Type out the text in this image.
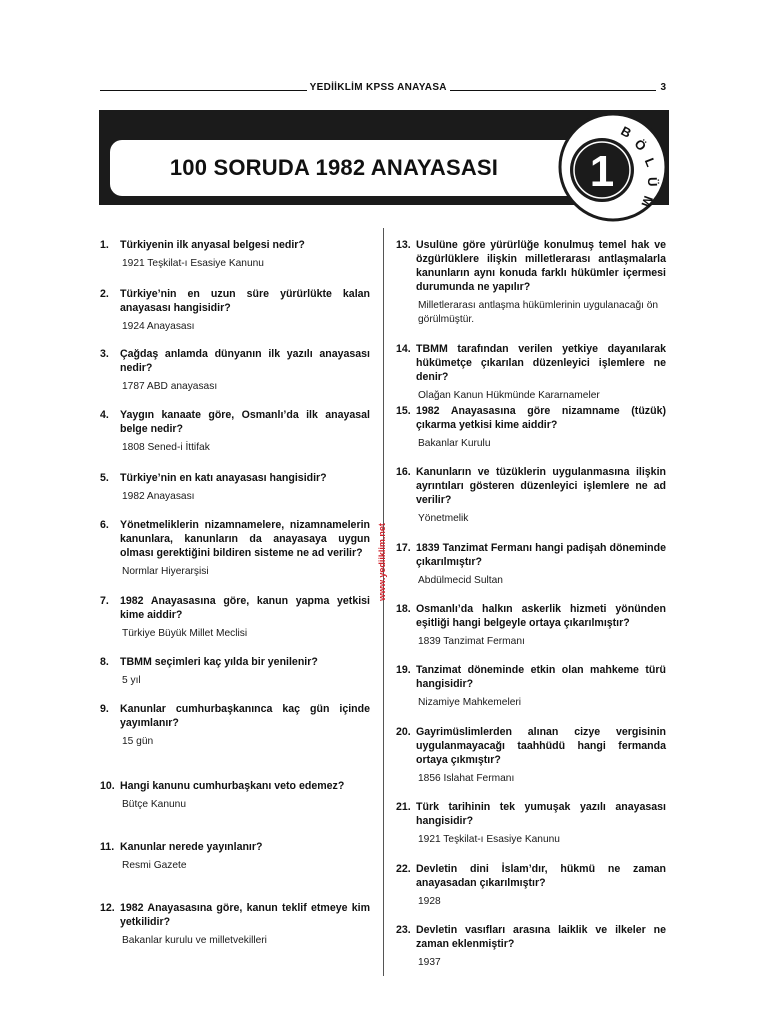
YEDİİKLİM KPSS ANAYASA	3
100 SORUDA 1982 ANAYASASI 1
B
Ö
L
Ü
M
www.yediiklim.net
1.	Türkiyenin ilk anyasal belgesi nedir?
1921 Teşkilat-ı Esasiye Kanunu
2.	Türkiye’nin en uzun süre yürürlükte kalan anayasası hangisidir?
1924 Anayasası
3.	Çağdaş anlamda dünyanın ilk yazılı anayasası nedir?
1787 ABD anayasası
4.	Yaygın kanaate göre, Osmanlı’da ilk anayasal belge nedir?
1808 Sened-i İttifak
5.	Türkiye’nin en katı anayasası hangisidir?
1982 Anayasası
6.	Yönetmeliklerin nizamnamelere, nizamnamelerin kanunlara, kanunların da anayasaya uygun olması gerektiğini bildiren sisteme ne ad verilir?
Normlar Hiyerarşisi
7.	1982 Anayasasına göre, kanun yapma yetkisi kime aiddir?
Türkiye Büyük Millet Meclisi
8.	TBMM seçimleri kaç yılda bir yenilenir?
5 yıl
9.	Kanunlar cumhurbaşkanınca kaç gün içinde yayımlanır?
15 gün
10. Hangi kanunu cumhurbaşkanı veto edemez?
Bütçe Kanunu
11. Kanunlar nerede yayınlanır?
Resmi Gazete
12. 1982 Anayasasına göre, kanun teklif etmeye kim yetkilidir?
Bakanlar kurulu ve milletvekilleri
13. Usulüne göre yürürlüğe konulmuş temel hak ve özgürlüklere ilişkin milletlerarası antlaşmalarla kanunların aynı konuda farklı hükümler içermesi durumunda ne yapılır?
Milletlerarası antlaşma hükümlerinin uygulanacağı ön görülmüştür.
14. TBMM tarafından verilen yetkiye dayanılarak hükümetçe çıkarılan düzenleyici işlemlere ne denir?
Olağan Kanun Hükmünde Kararnameler
15. 1982 Anayasasına göre nizamname (tüzük) çıkarma yetkisi kime aiddir?
Bakanlar Kurulu
16. Kanunların ve tüzüklerin uygulanmasına ilişkin ayrıntıları gösteren düzenleyici işlemlere ne ad verilir?
Yönetmelik
17. 1839 Tanzimat Fermanı hangi padişah döneminde çıkarılmıştır?
Abdülmecid Sultan
18. Osmanlı’da halkın askerlik hizmeti yönünden eşitliği hangi belgeyle ortaya çıkarılmıştır?
1839 Tanzimat Fermanı
19. Tanzimat döneminde etkin olan mahkeme türü hangisidir?
Nizamiye Mahkemeleri
20. Gayrimüslimlerden alınan cizye vergisinin uygulanmayacağı taahhüdü hangi fermanda ortaya çıkmıştır?
1856 Islahat Fermanı
21. Türk tarihinin tek yumuşak yazılı anayasası hangisidir?
1921 Teşkilat-ı Esasiye Kanunu
22. Devletin dini İslam’dır, hükmü ne zaman anayasadan çıkarılmıştır?
1928
23. Devletin vasıfları arasına laiklik ve ilkeler ne zaman eklenmiştir?
1937
